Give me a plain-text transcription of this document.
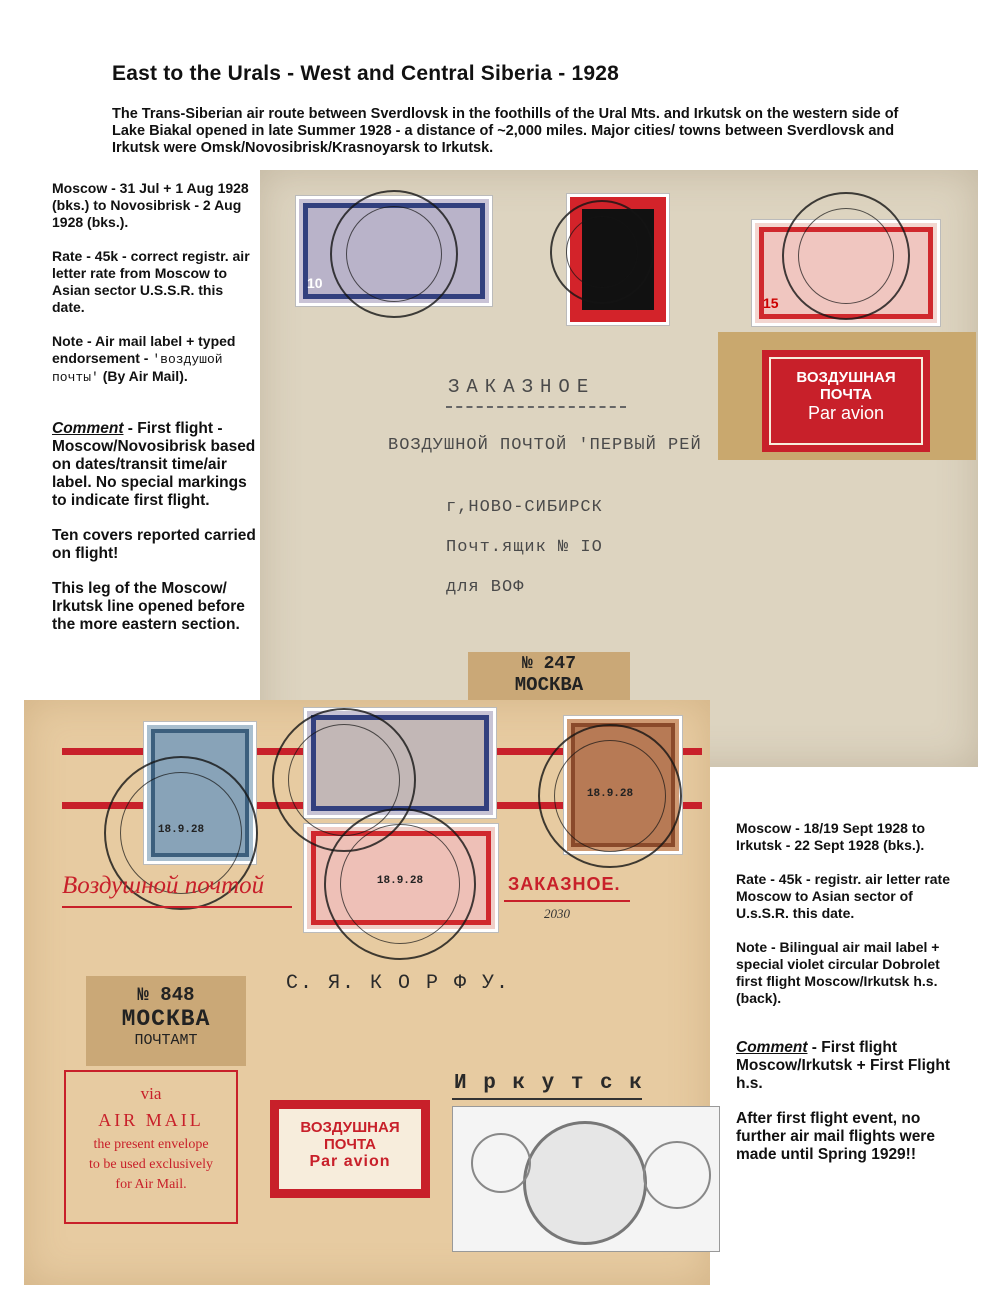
East to the Urals - West and Central Siberia - 1928
The Trans-Siberian air route between Sverdlovsk in the foothills of the Ural Mts. and Irkutsk on the western side of Lake Biakal opened in late Summer 1928 - a distance of ~2,000 miles. Major cities/ towns between Sverdlovsk and Irkutsk were Omsk/Novosibrisk/Krasnoyarsk to Irkutsk.

Moscow - 31 Jul + 1 Aug 1928 (bks.) to Novosibrisk - 2 Aug 1928 (bks.).

Rate - 45k - correct registr. air letter rate from Moscow to Asian sector U.S.S.R. this date.

Note - Air mail label + typed endorsement - 'воздушой почты' (By Air Mail).

Comment - First flight - Moscow/Novosibrisk based on dates/transit time/air label. No special markings to indicate first flight.

Ten covers reported carried on flight!

This leg of the Moscow/ Irkutsk line opened before the more eastern section.

10
15
ВОЗДУШНАЯ
ПОЧТА
Par avion
ЗАКАЗНОЕ
ВОЗДУШНОЙ ПОЧТОЙ 'ПЕРВЫЙ РЕЙ
г,НОВО-СИБИРСК
Почт.ящик № IO
для ВОФ
№ 247
МОСКВА
18.9.28
18.9.28
18.9.28
Воздушной почтой	ЗАКАЗНОЕ.
2030
С. Я. К О Р Ф У.
И р к у т с к
№ 848
МОСКВА
ПОЧТАМТ
via
AIR MAIL
the present envelope
to be used exclusively
for Air Mail.
ВОЗДУШНАЯ
ПОЧТА
Par avion

Moscow - 18/19 Sept 1928 to Irkutsk - 22 Sept 1928 (bks.).

Rate - 45k - registr. air letter rate Moscow to Asian sector of U.s.S.R. this date.

Note - Bilingual air mail label + special violet circular Dobrolet first flight Moscow/Irkutsk h.s. (back).

Comment - First flight Moscow/Irkutsk + First Flight h.s.

After first flight event, no further air mail flights were made until Spring 1929!!
